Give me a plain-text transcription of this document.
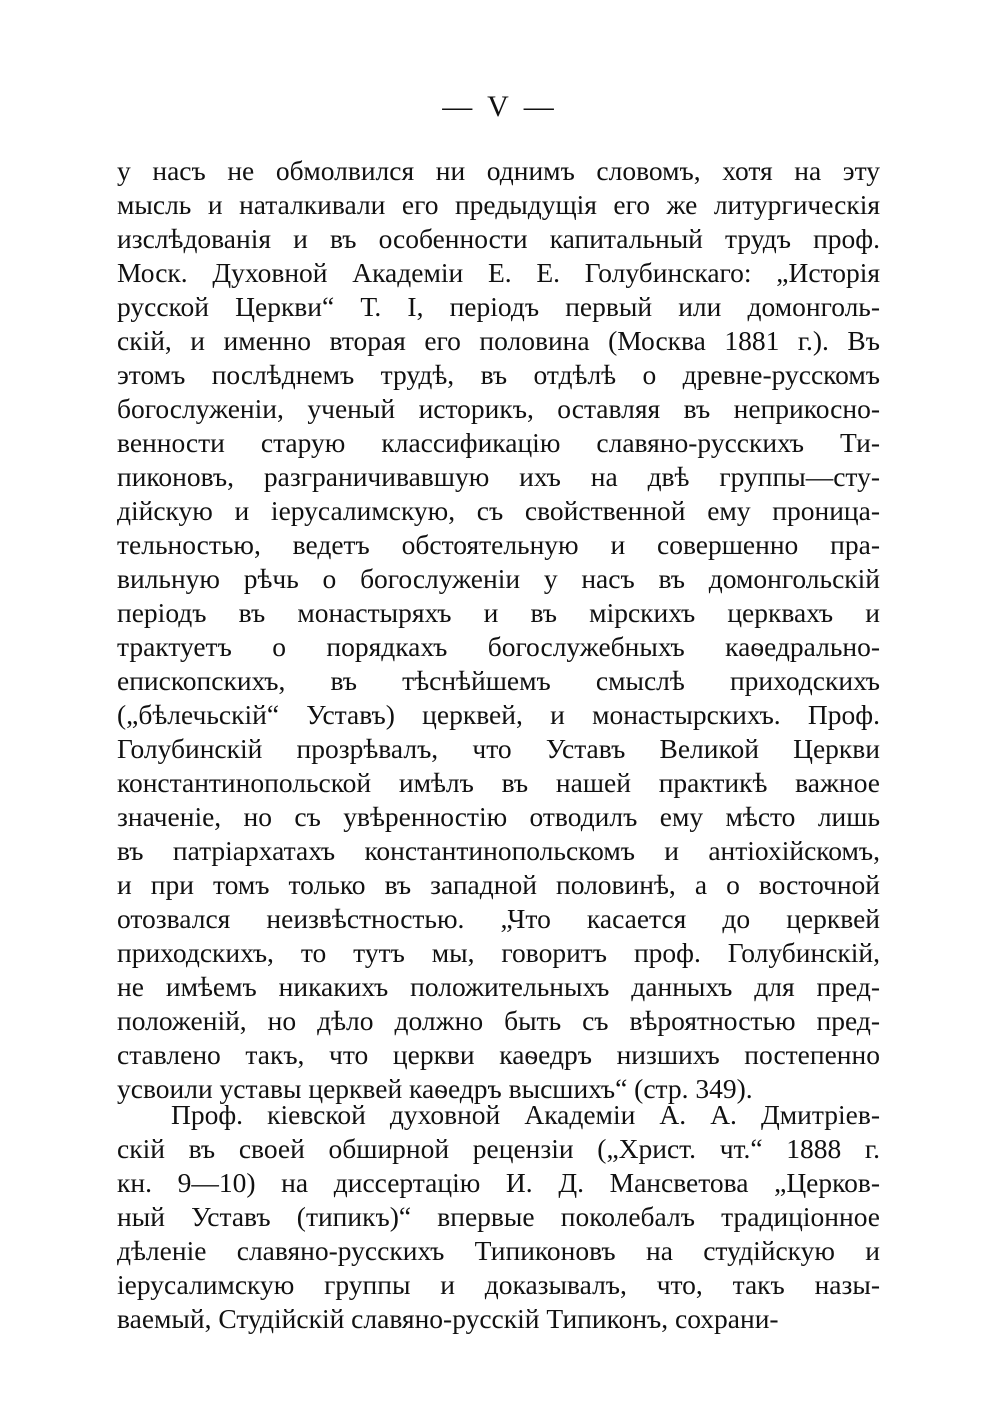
— V —
у насъ не обмолвился ни однимъ словомъ, хотя на эту
мысль и наталкивали его предыдущія его же литургическія
изслѣдованія и въ особенности капитальный трудъ проф.
Моск. Духовной Академіи Е. Е. Голубинскаго: „Исторія
русской Церкви“ Т. I, періодъ первый или домонголь-
скій, и именно вторая его половина (Москва 1881 г.). Въ
этомъ послѣднемъ трудѣ, въ отдѣлѣ о древне-русскомъ
богослуженіи, ученый историкъ, оставляя въ неприкосно-
венности старую классификацію славяно-русскихъ Ти-
пиконовъ, разграничивавшую ихъ на двѣ группы—сту-
дійскую и іерусалимскую, съ свойственной ему проница-
тельностью, ведетъ обстоятельную и совершенно пра-
вильную рѣчь о богослуженіи у насъ въ домонгольскій
періодъ въ монастыряхъ и въ мірскихъ церквахъ и
трактуетъ о порядкахъ богослужебныхъ каѳедрально-
епископскихъ, въ тѣснѣйшемъ смыслѣ приходскихъ
(„бѣлечьскій“ Уставъ) церквей, и монастырскихъ. Проф.
Голубинскій прозрѣвалъ, что Уставъ Великой Церкви
константинопольской имѣлъ въ нашей практикѣ важное
значеніе, но съ увѣренностію отводилъ ему мѣсто лишь
въ патріархатахъ константинопольскомъ и антіохійскомъ,
и при томъ только въ западной половинѣ, а о восточной
отозвался неизвѣстностью. „Что касается до церквей
приходскихъ, то тутъ мы, говоритъ проф. Голубинскій,
не имѣемъ никакихъ положительныхъ данныхъ для пред-
положеній, но дѣло должно быть съ вѣроятностью пред-
ставлено такъ, что церкви каѳедръ низшихъ постепенно
усвоили уставы церквей каѳедръ высшихъ“ (стр. 349).
Проф. кіевской духовной Академіи А. А. Дмитріев-
скій въ своей обширной рецензіи („Христ. чт.“ 1888 г.
кн. 9—10) на диссертацію И. Д. Мансветова „Церков-
ный Уставъ (типикъ)“ впервые поколебалъ традиціонное
дѣленіе славяно-русскихъ Типиконовъ на студійскую и
іерусалимскую группы и доказывалъ, что, такъ назы-
ваемый, Студійскій славяно-русскій Типиконъ, сохрани-
